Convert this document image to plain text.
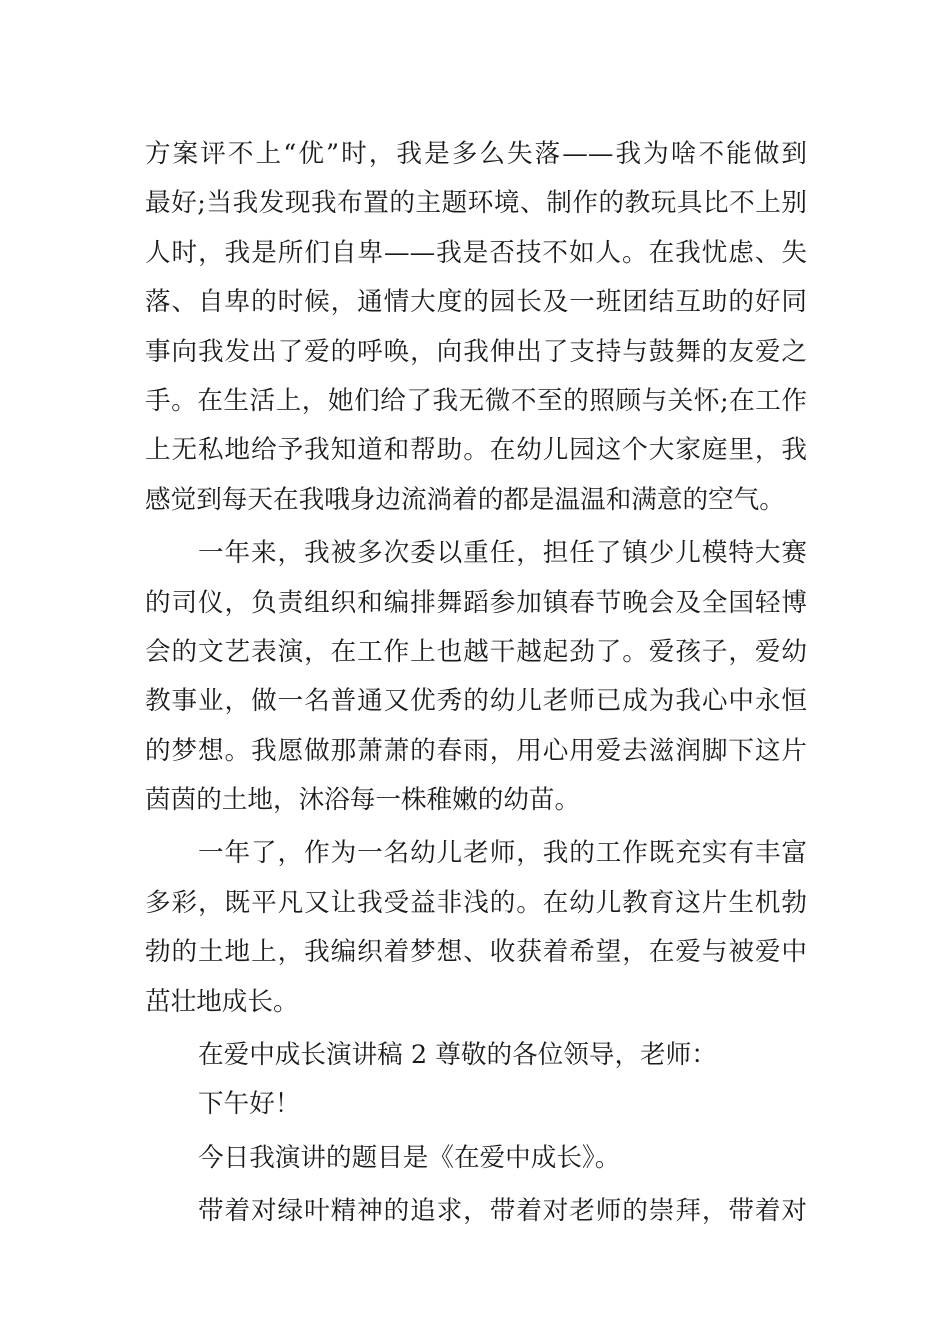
方案评不上“优”时，我是多么失落——我为啥不能做到
最好;当我发现我布置的主题环境、制作的教玩具比不上别
人时，我是所们自卑——我是否技不如人。在我忧虑、失
落、自卑的时候，通情大度的园长及一班团结互助的好同
事向我发出了爱的呼唤，向我伸出了支持与鼓舞的友爱之
手。在生活上，她们给了我无微不至的照顾与关怀;在工作
上无私地给予我知道和帮助。在幼儿园这个大家庭里，我
感觉到每天在我哦身边流淌着的都是温温和满意的空气。
一年来，我被多次委以重任，担任了镇少儿模特大赛
的司仪，负责组织和编排舞蹈参加镇春节晚会及全国轻博
会的文艺表演，在工作上也越干越起劲了。爱孩子，爱幼
教事业，做一名普通又优秀的幼儿老师已成为我心中永恒
的梦想。我愿做那萧萧的春雨，用心用爱去滋润脚下这片
茵茵的土地，沐浴每一株稚嫩的幼苗。
一年了，作为一名幼儿老师，我的工作既充实有丰富
多彩，既平凡又让我受益非浅的。在幼儿教育这片生机勃
勃的土地上，我编织着梦想、收获着希望，在爱与被爱中
茁壮地成长。
在爱中成长演讲稿 2 尊敬的各位领导，老师：
下午好！
今日我演讲的题目是《在爱中成长》。
带着对绿叶精神的追求，带着对老师的崇拜，带着对
